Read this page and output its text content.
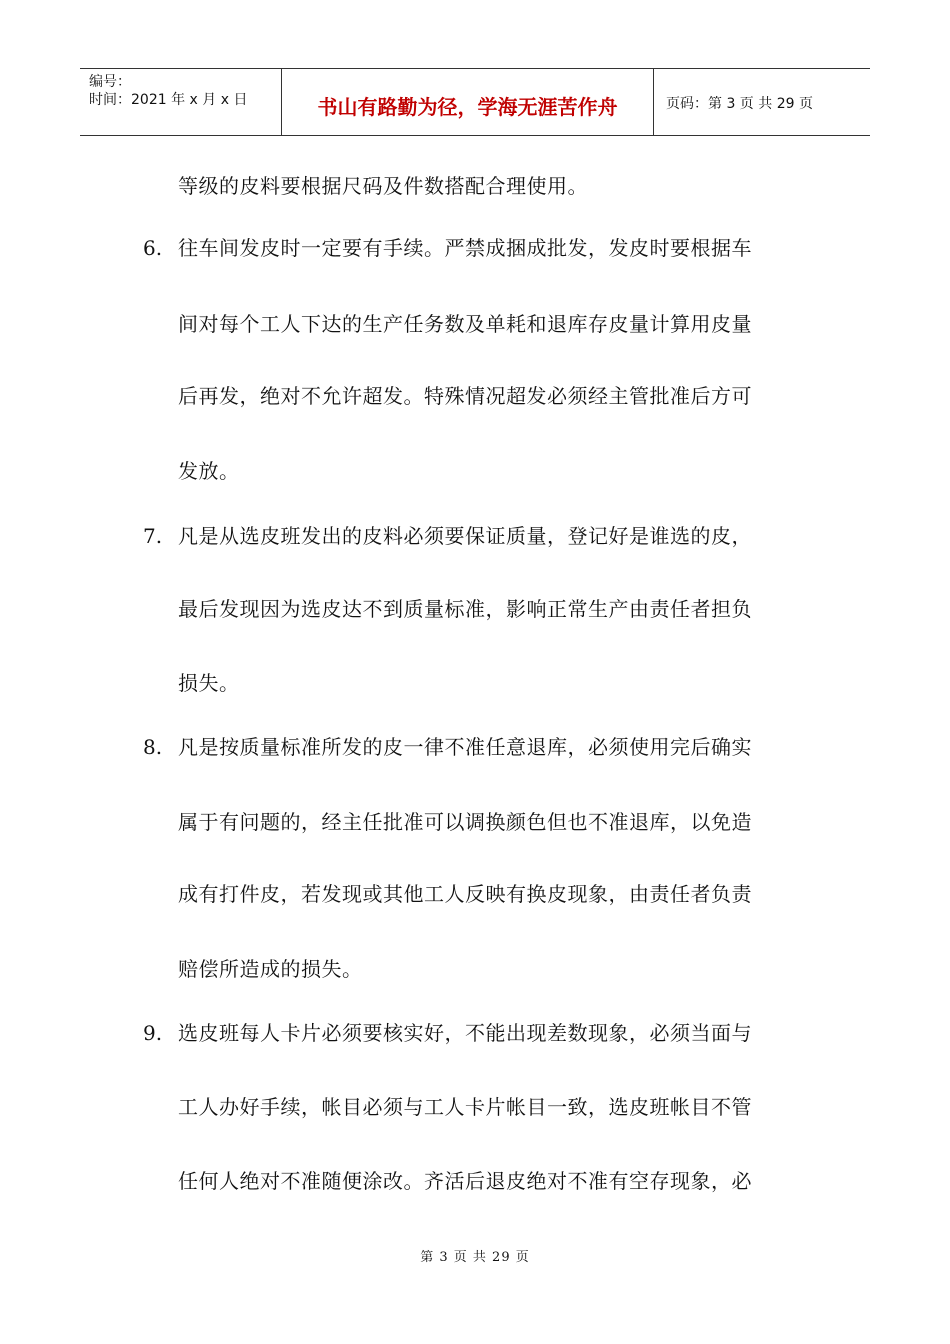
编号：
时间：2021 年 x 月 x 日	书山有路勤为径，学海无涯苦作舟	页码：第 3 页 共 29 页
等级的皮料要根据尺码及件数搭配合理使用。
6. 往车间发皮时一定要有手续。严禁成捆成批发，发皮时要根据车
间对每个工人下达的生产任务数及单耗和退库存皮量计算用皮量
后再发，绝对不允许超发。特殊情况超发必须经主管批准后方可
发放。
7. 凡是从选皮班发出的皮料必须要保证质量，登记好是谁选的皮，
最后发现因为选皮达不到质量标准，影响正常生产由责任者担负
损失。
8. 凡是按质量标准所发的皮一律不准任意退库，必须使用完后确实
属于有问题的，经主任批准可以调换颜色但也不准退库，以免造
成有打件皮，若发现或其他工人反映有换皮现象，由责任者负责
赔偿所造成的损失。
9. 选皮班每人卡片必须要核实好，不能出现差数现象，必须当面与
工人办好手续，帐目必须与工人卡片帐目一致，选皮班帐目不管
任何人绝对不准随便涂改。齐活后退皮绝对不准有空存现象，必
第 3 页 共 29 页
